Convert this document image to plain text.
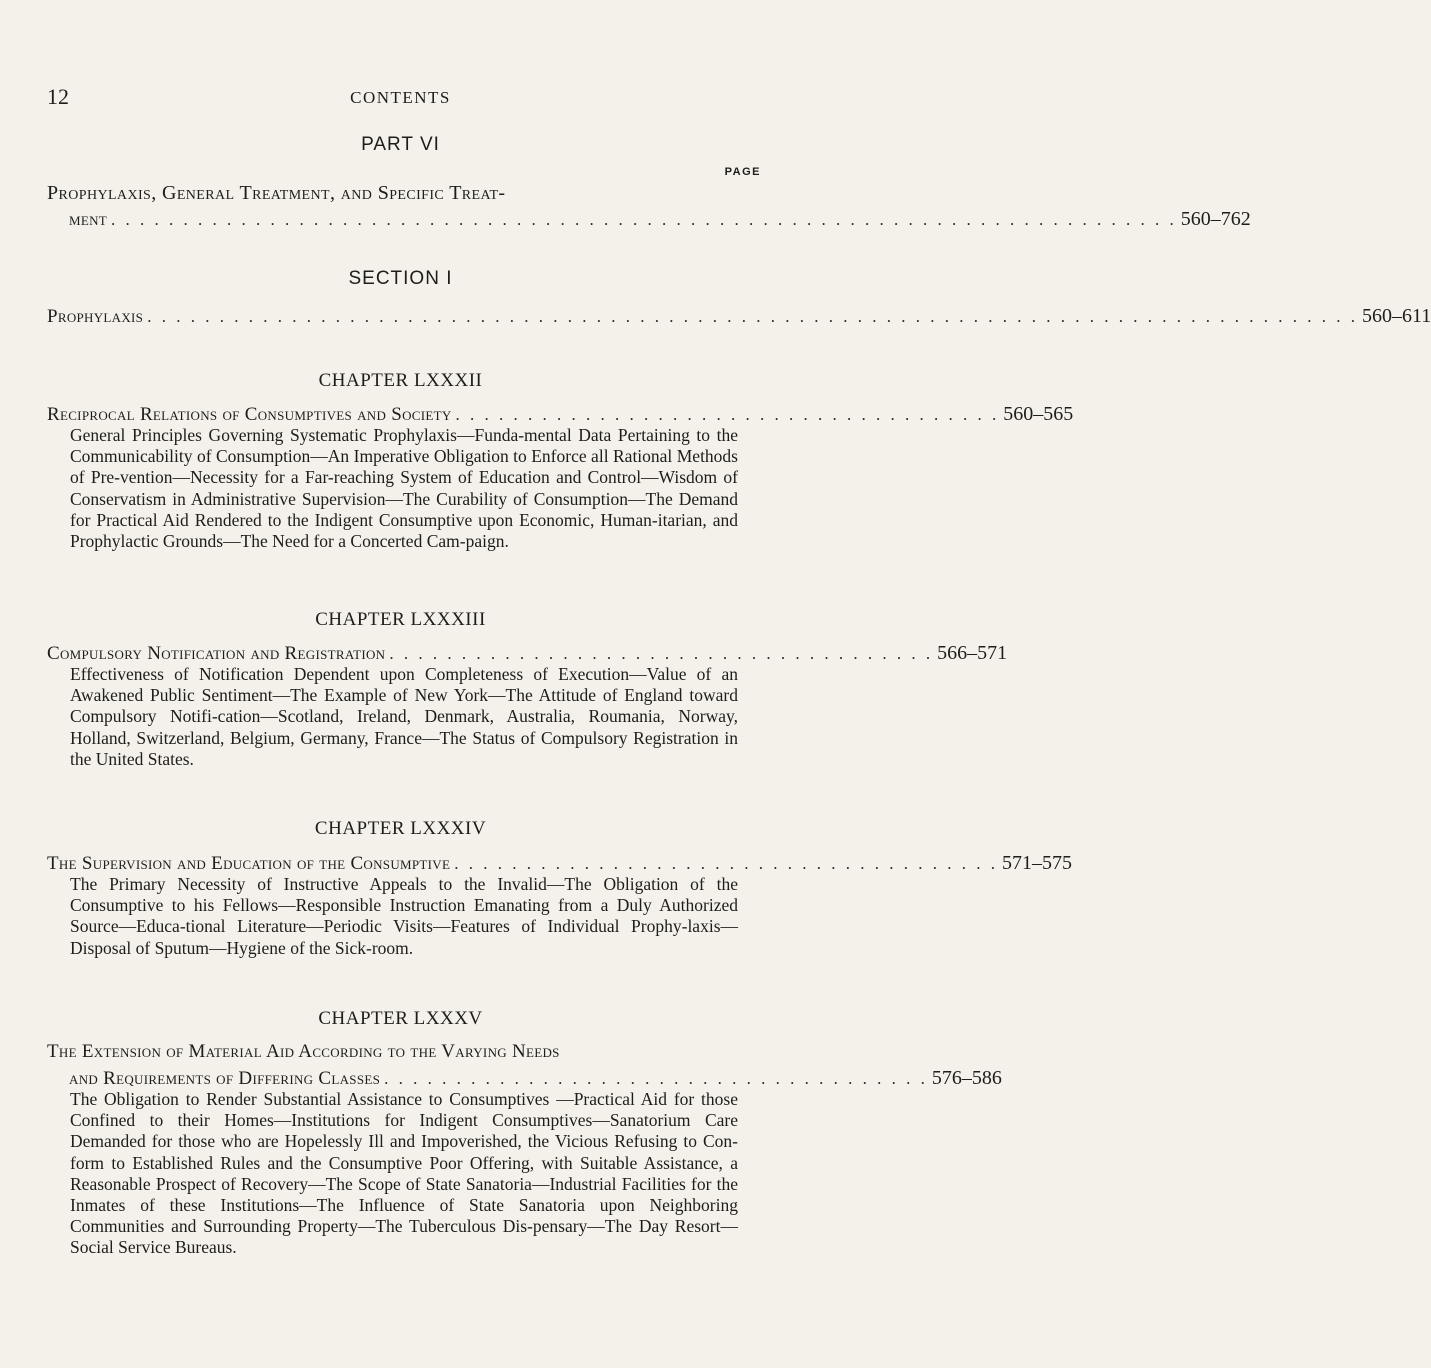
12	CONTENTS
PART VI
PAGE
Prophylaxis, General Treatment, and Specific Treat-
ment . . . . . . . . . . . . . . . . . . . . . . . . . . . . . . . . . . . . . . . . . . . . . . . . . . . . . . . . . . . . . . . . . . . . . . . . . . 560–762
SECTION I
Prophylaxis . . . . . . . . . . . . . . . . . . . . . . . . . . . . . . . . . . . . . . . . . . . . . . . . . . . . . . . . . . . . . . . . . . . . . . . . . . . . . . . . . . . . 560–611
CHAPTER LXXXII
Reciprocal Relations of Consumptives and Society . . . . . . . . . . . . . . . . . . . . . . . . . . . . . . . . . . . . . . 560–565
General Principles Governing Systematic Prophylaxis—Funda-mental Data Pertaining to the Communicability of Consumption—An Imperative Obligation to Enforce all Rational Methods of Pre-vention—Necessity for a Far-reaching System of Education and Control—Wisdom of Conservatism in Administrative Supervision—The Curability of Consumption—The Demand for Practical Aid Rendered to the Indigent Consumptive upon Economic, Human-itarian, and Prophylactic Grounds—The Need for a Concerted Cam-paign.
CHAPTER LXXXIII
Compulsory Notification and Registration . . . . . . . . . . . . . . . . . . . . . . . . . . . . . . . . . . . . . . 566–571
Effectiveness of Notification Dependent upon Completeness of Execution—Value of an Awakened Public Sentiment—The Example of New York—The Attitude of England toward Compulsory Notifi-cation—Scotland, Ireland, Denmark, Australia, Roumania, Norway, Holland, Switzerland, Belgium, Germany, France—The Status of Compulsory Registration in the United States.
CHAPTER LXXXIV
The Supervision and Education of the Consumptive . . . . . . . . . . . . . . . . . . . . . . . . . . . . . . . . . . . . . . 571–575
The Primary Necessity of Instructive Appeals to the Invalid—The Obligation of the Consumptive to his Fellows—Responsible Instruction Emanating from a Duly Authorized Source—Educa-tional Literature—Periodic Visits—Features of Individual Prophy-laxis—Disposal of Sputum—Hygiene of the Sick-room.
CHAPTER LXXXV
The Extension of Material Aid According to the Varying Needs
and Requirements of Differing Classes . . . . . . . . . . . . . . . . . . . . . . . . . . . . . . . . . . . . . . 576–586
The Obligation to Render Substantial Assistance to Consumptives —Practical Aid for those Confined to their Homes—Institutions for Indigent Consumptives—Sanatorium Care Demanded for those who are Hopelessly Ill and Impoverished, the Vicious Refusing to Con-form to Established Rules and the Consumptive Poor Offering, with Suitable Assistance, a Reasonable Prospect of Recovery—The Scope of State Sanatoria—Industrial Facilities for the Inmates of these Institutions—The Influence of State Sanatoria upon Neighboring Communities and Surrounding Property—The Tuberculous Dis-pensary—The Day Resort—Social Service Bureaus.
